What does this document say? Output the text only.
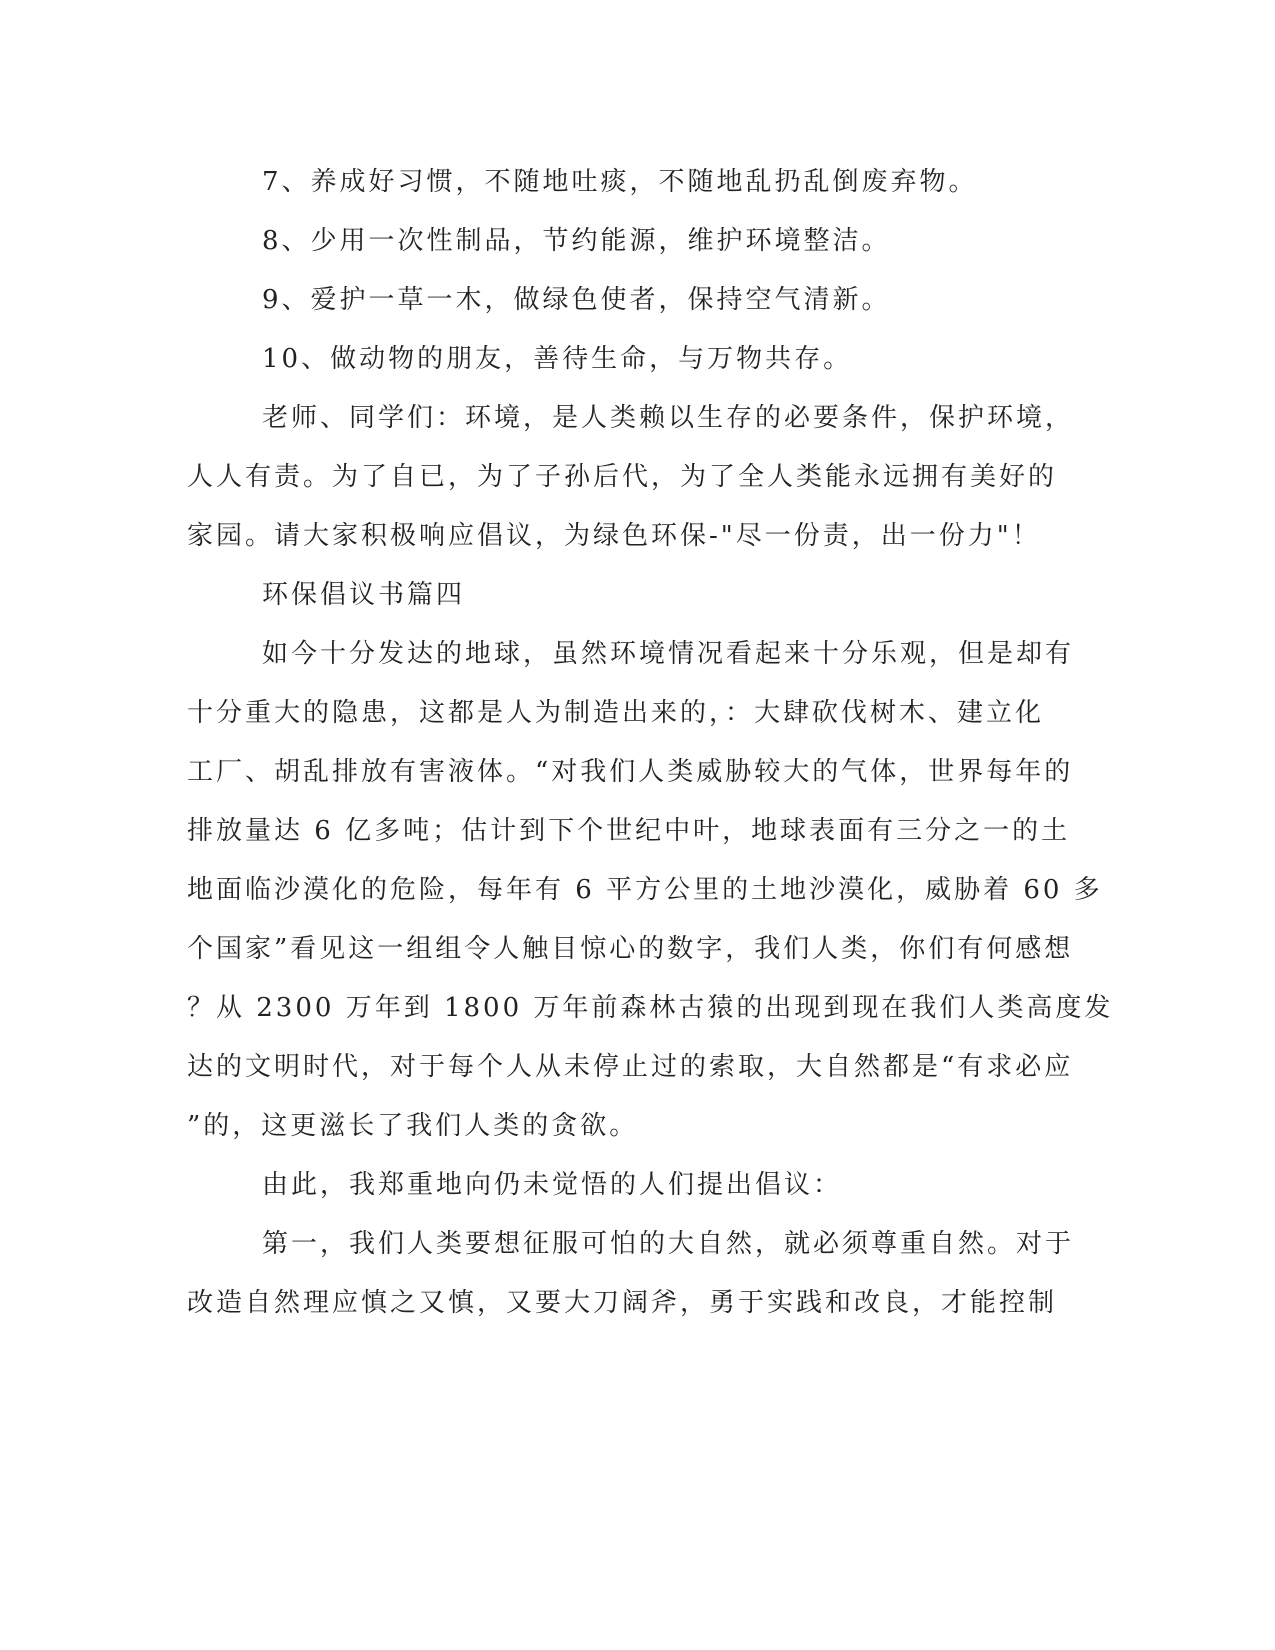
7、养成好习惯，不随地吐痰，不随地乱扔乱倒废弃物。

8、少用一次性制品，节约能源，维护环境整洁。

9、爱护一草一木，做绿色使者，保持空气清新。

10、做动物的朋友，善待生命，与万物共存。

老师、同学们：环境，是人类赖以生存的必要条件，保护环境，

人人有责。为了自已，为了子孙后代，为了全人类能永远拥有美好的

家园。请大家积极响应倡议，为绿色环保-"尽一份责，出一份力"！

环保倡议书篇四

如今十分发达的地球，虽然环境情况看起来十分乐观，但是却有

十分重大的隐患，这都是人为制造出来的，：大肆砍伐树木、建立化

工厂、胡乱排放有害液体。“对我们人类威胁较大的气体，世界每年的

排放量达 6 亿多吨；估计到下个世纪中叶，地球表面有三分之一的土

地面临沙漠化的危险，每年有 6 平方公里的土地沙漠化，威胁着 60 多

个国家”看见这一组组令人触目惊心的数字，我们人类，你们有何感想

？从 2300 万年到 1800 万年前森林古猿的出现到现在我们人类高度发

达的文明时代，对于每个人从未停止过的索取，大自然都是“有求必应

”的，这更滋长了我们人类的贪欲。

由此，我郑重地向仍未觉悟的人们提出倡议：

第一，我们人类要想征服可怕的大自然，就必须尊重自然。对于

改造自然理应慎之又慎，又要大刀阔斧，勇于实践和改良，才能控制
